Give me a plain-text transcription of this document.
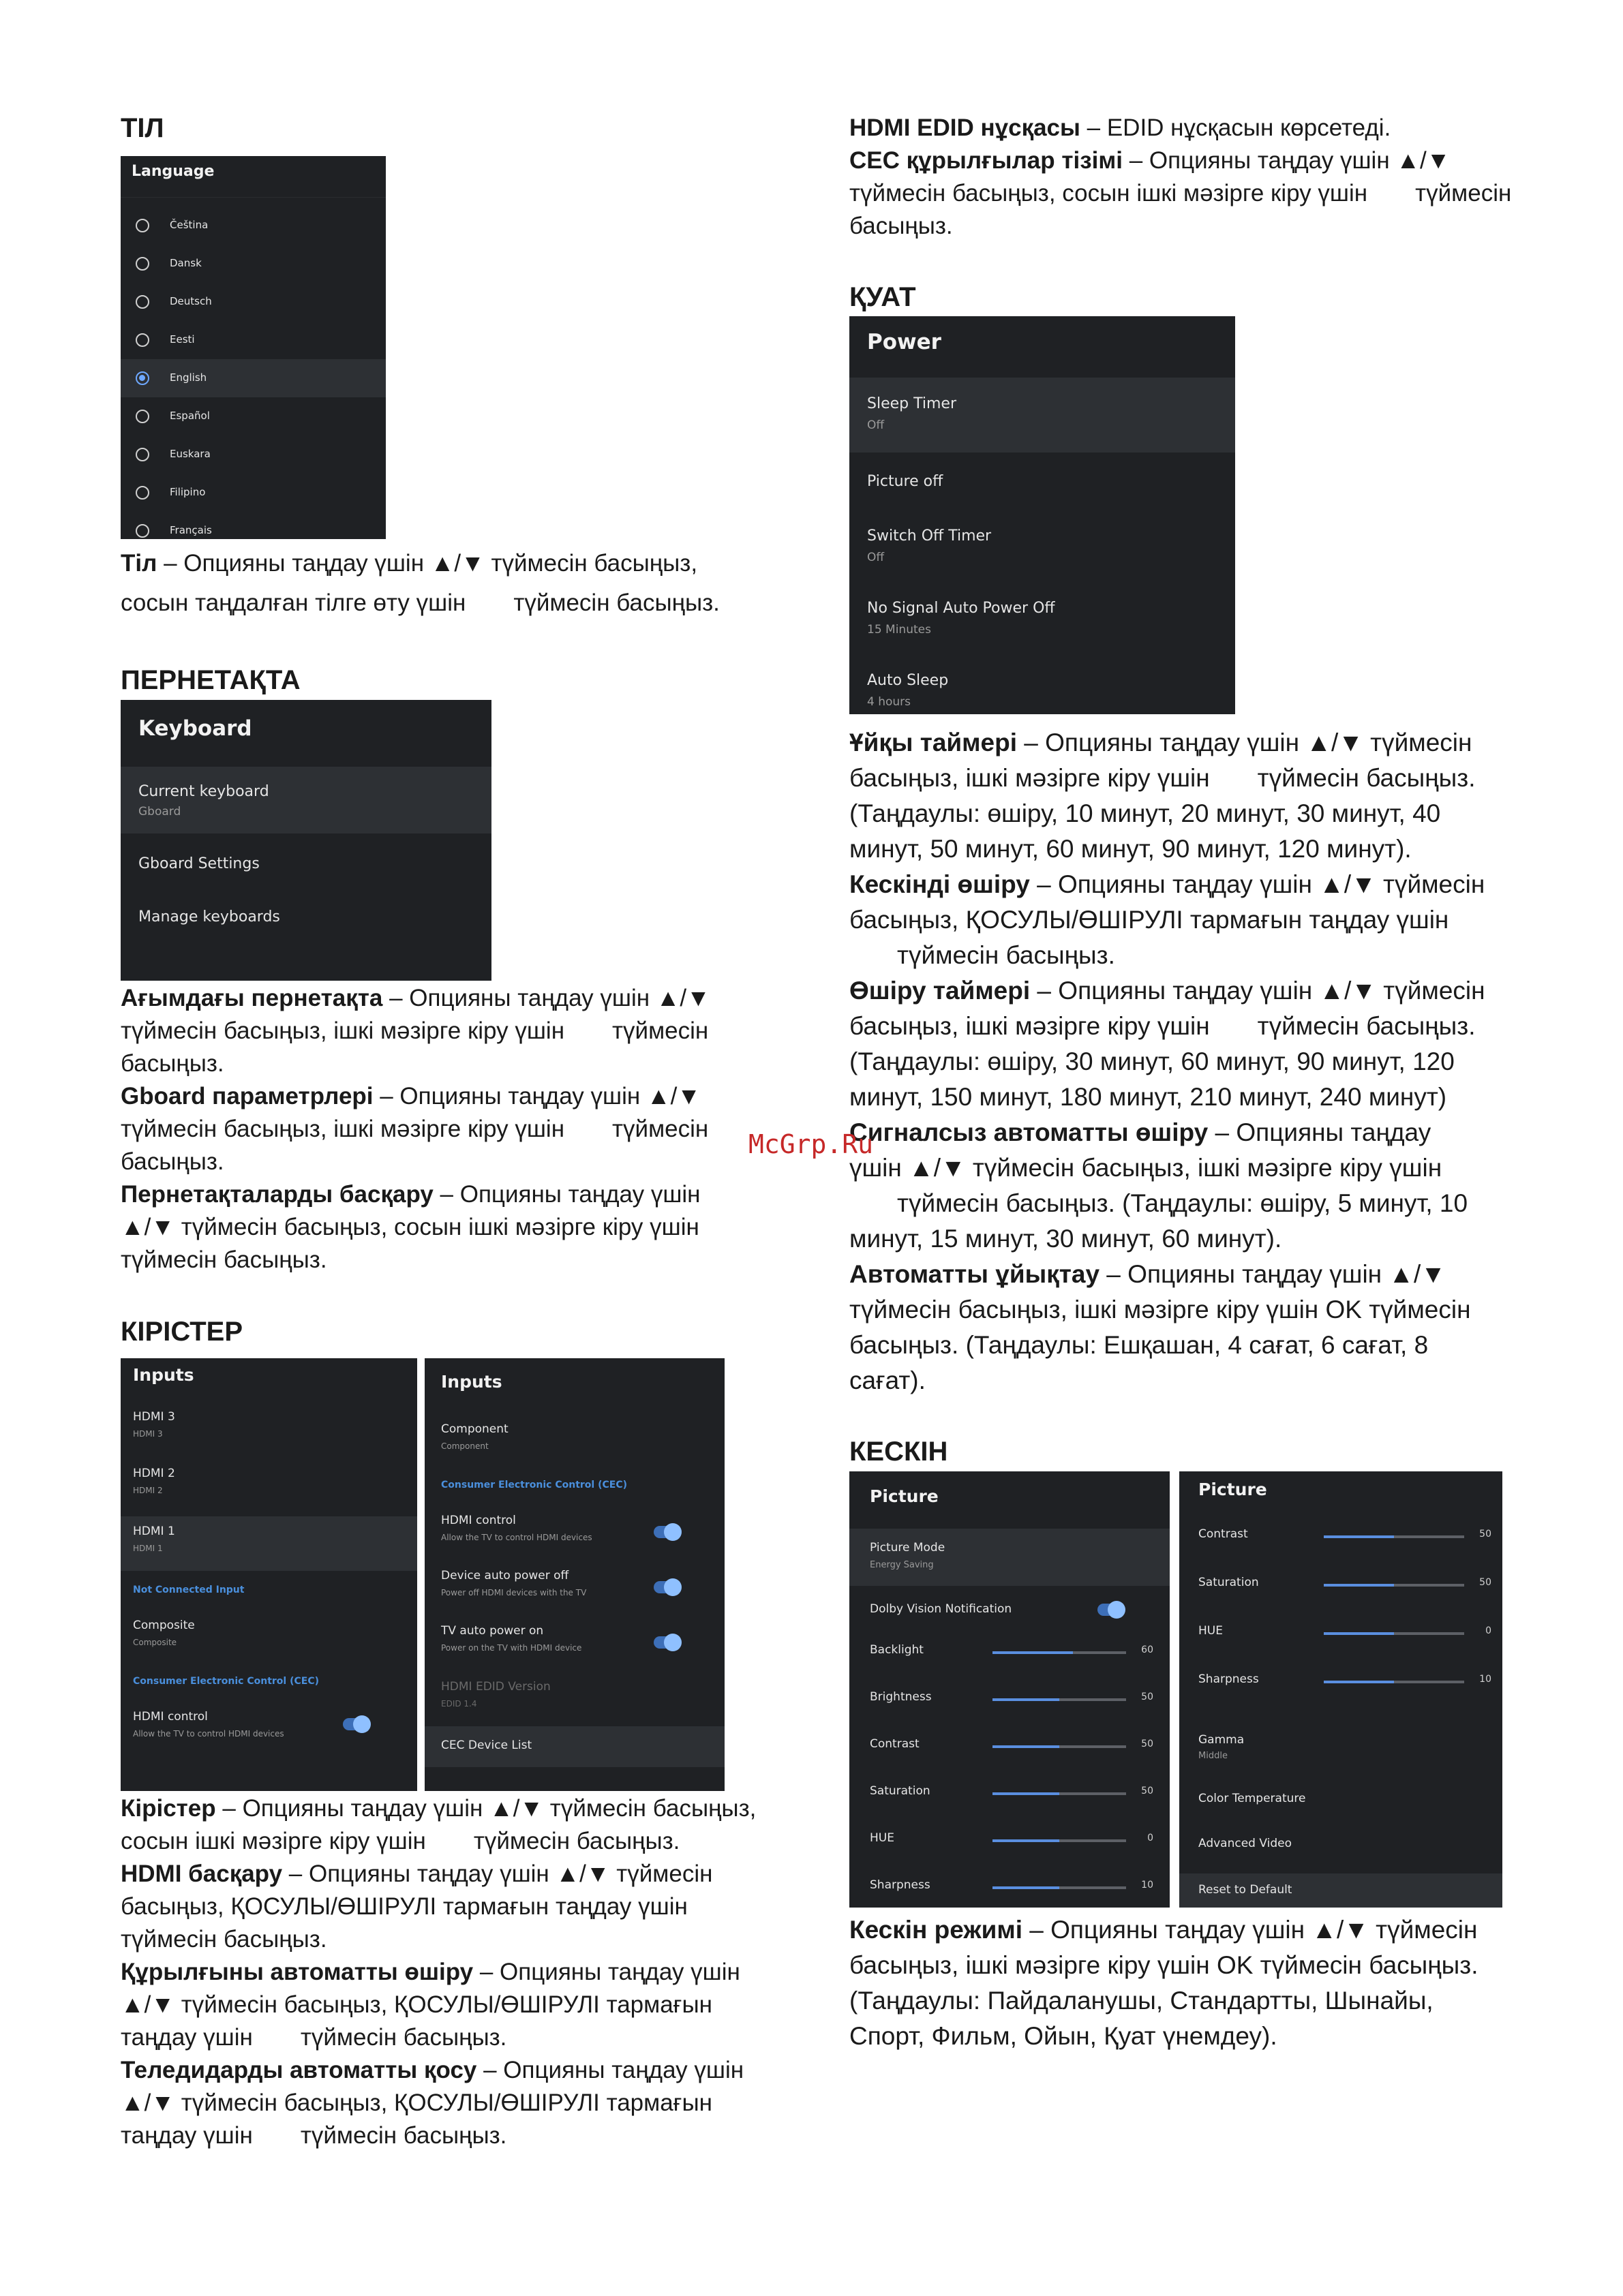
ТІЛ
Language
Čeština
Dansk
Deutsch
Eesti
English
Español
Euskara
Filipino
Français
Тіл – Опцияны таңдау үшін ▲/▼ түймесін басыңыз,
сосын таңдалған тілге өту үшін түймесін басыңыз.
ПЕРНЕТАҚТА
Keyboard
Current keyboard
Gboard
Gboard Settings
Manage keyboards
Ағымдағы пернетақта – Опцияны таңдау үшін ▲/▼
түймесін басыңыз, ішкі мәзірге кіру үшін түймесін
басыңыз.
Gboard параметрлері – Опцияны таңдау үшін ▲/▼
түймесін басыңыз, ішкі мәзірге кіру үшін түймесін
басыңыз.
Пернетақталарды басқару – Опцияны таңдау үшін
▲/▼ түймесін басыңыз, сосын ішкі мәзірге кіру үшін
түймесін басыңыз.
КІРІСТЕР
Inputs
HDMI 3
HDMI 3
HDMI 2
HDMI 2
HDMI 1
HDMI 1
Not Connected Input
Composite
Composite
Consumer Electronic Control (CEC)
HDMI control
Allow the TV to control HDMI devices
Inputs
Component
Component
Consumer Electronic Control (CEC)
HDMI control
Allow the TV to control HDMI devices
Device auto power off
Power off HDMI devices with the TV
TV auto power on
Power on the TV with HDMI device
HDMI EDID Version
EDID 1.4
CEC Device List
Кірістер – Опцияны таңдау үшін ▲/▼ түймесін басыңыз,
сосын ішкі мәзірге кіру үшін түймесін басыңыз.
HDMI басқару – Опцияны таңдау үшін ▲/▼ түймесін
басыңыз, ҚОСУЛЫ/ӨШІРУЛІ тармағын таңдау үшін
түймесін басыңыз.
Құрылғыны автоматты өшіру – Опцияны таңдау үшін
▲/▼ түймесін басыңыз, ҚОСУЛЫ/ӨШІРУЛІ тармағын
таңдау үшін түймесін басыңыз.
Теледидарды автоматты қосу – Опцияны таңдау үшін
▲/▼ түймесін басыңыз, ҚОСУЛЫ/ӨШІРУЛІ тармағын
таңдау үшін түймесін басыңыз.
HDMI EDID нұсқасы – EDID нұсқасын көрсетеді.
CEC құрылғылар тізімі – Опцияны таңдау үшін ▲/▼
түймесін басыңыз, сосын ішкі мәзірге кіру үшін түймесін
басыңыз.
ҚУАТ
Power
Sleep Timer
Off
Picture off
Switch Off Timer
Off
No Signal Auto Power Off
15 Minutes
Auto Sleep
4 hours
Ұйқы таймері – Опцияны таңдау үшін ▲/▼ түймесін
басыңыз, ішкі мәзірге кіру үшін түймесін басыңыз.
(Таңдаулы: өшіру, 10 минут, 20 минут, 30 минут, 40
минут, 50 минут, 60 минут, 90 минут, 120 минут).
Кескінді өшіру – Опцияны таңдау үшін ▲/▼ түймесін
басыңыз, ҚОСУЛЫ/ӨШІРУЛІ тармағын таңдау үшін
түймесін басыңыз.
Өшіру таймері – Опцияны таңдау үшін ▲/▼ түймесін
басыңыз, ішкі мәзірге кіру үшін түймесін басыңыз.
(Таңдаулы: өшіру, 30 минут, 60 минут, 90 минут, 120
минут, 150 минут, 180 минут, 210 минут, 240 минут)
Сигналсыз автоматты өшіру – Опцияны таңдау
үшін ▲/▼ түймесін басыңыз, ішкі мәзірге кіру үшін
түймесін басыңыз. (Таңдаулы: өшіру, 5 минут, 10
минут, 15 минут, 30 минут, 60 минут).
Автоматты ұйықтау – Опцияны таңдау үшін ▲/▼
түймесін басыңыз, ішкі мәзірге кіру үшін OK түймесін
басыңыз. (Таңдаулы: Ешқашан, 4 сағат, 6 сағат, 8
сағат).
КЕСКІН
Picture
Picture Mode
Energy Saving
Dolby Vision Notification
Backlight	60
Brightness	50
Contrast	50
Saturation	50
HUE	0
Sharpness	10
Picture
Contrast	50
Saturation	50
HUE	0
Sharpness	10
Gamma
Middle
Color Temperature
Advanced Video
Reset to Default
Кескін режимі – Опцияны таңдау үшін ▲/▼ түймесін
басыңыз, ішкі мәзірге кіру үшін OK түймесін басыңыз.
(Таңдаулы: Пайдаланушы, Стандартты, Шынайы,
Спорт, Фильм, Ойын, Қуат үнемдеу).
McGrp.Ru
